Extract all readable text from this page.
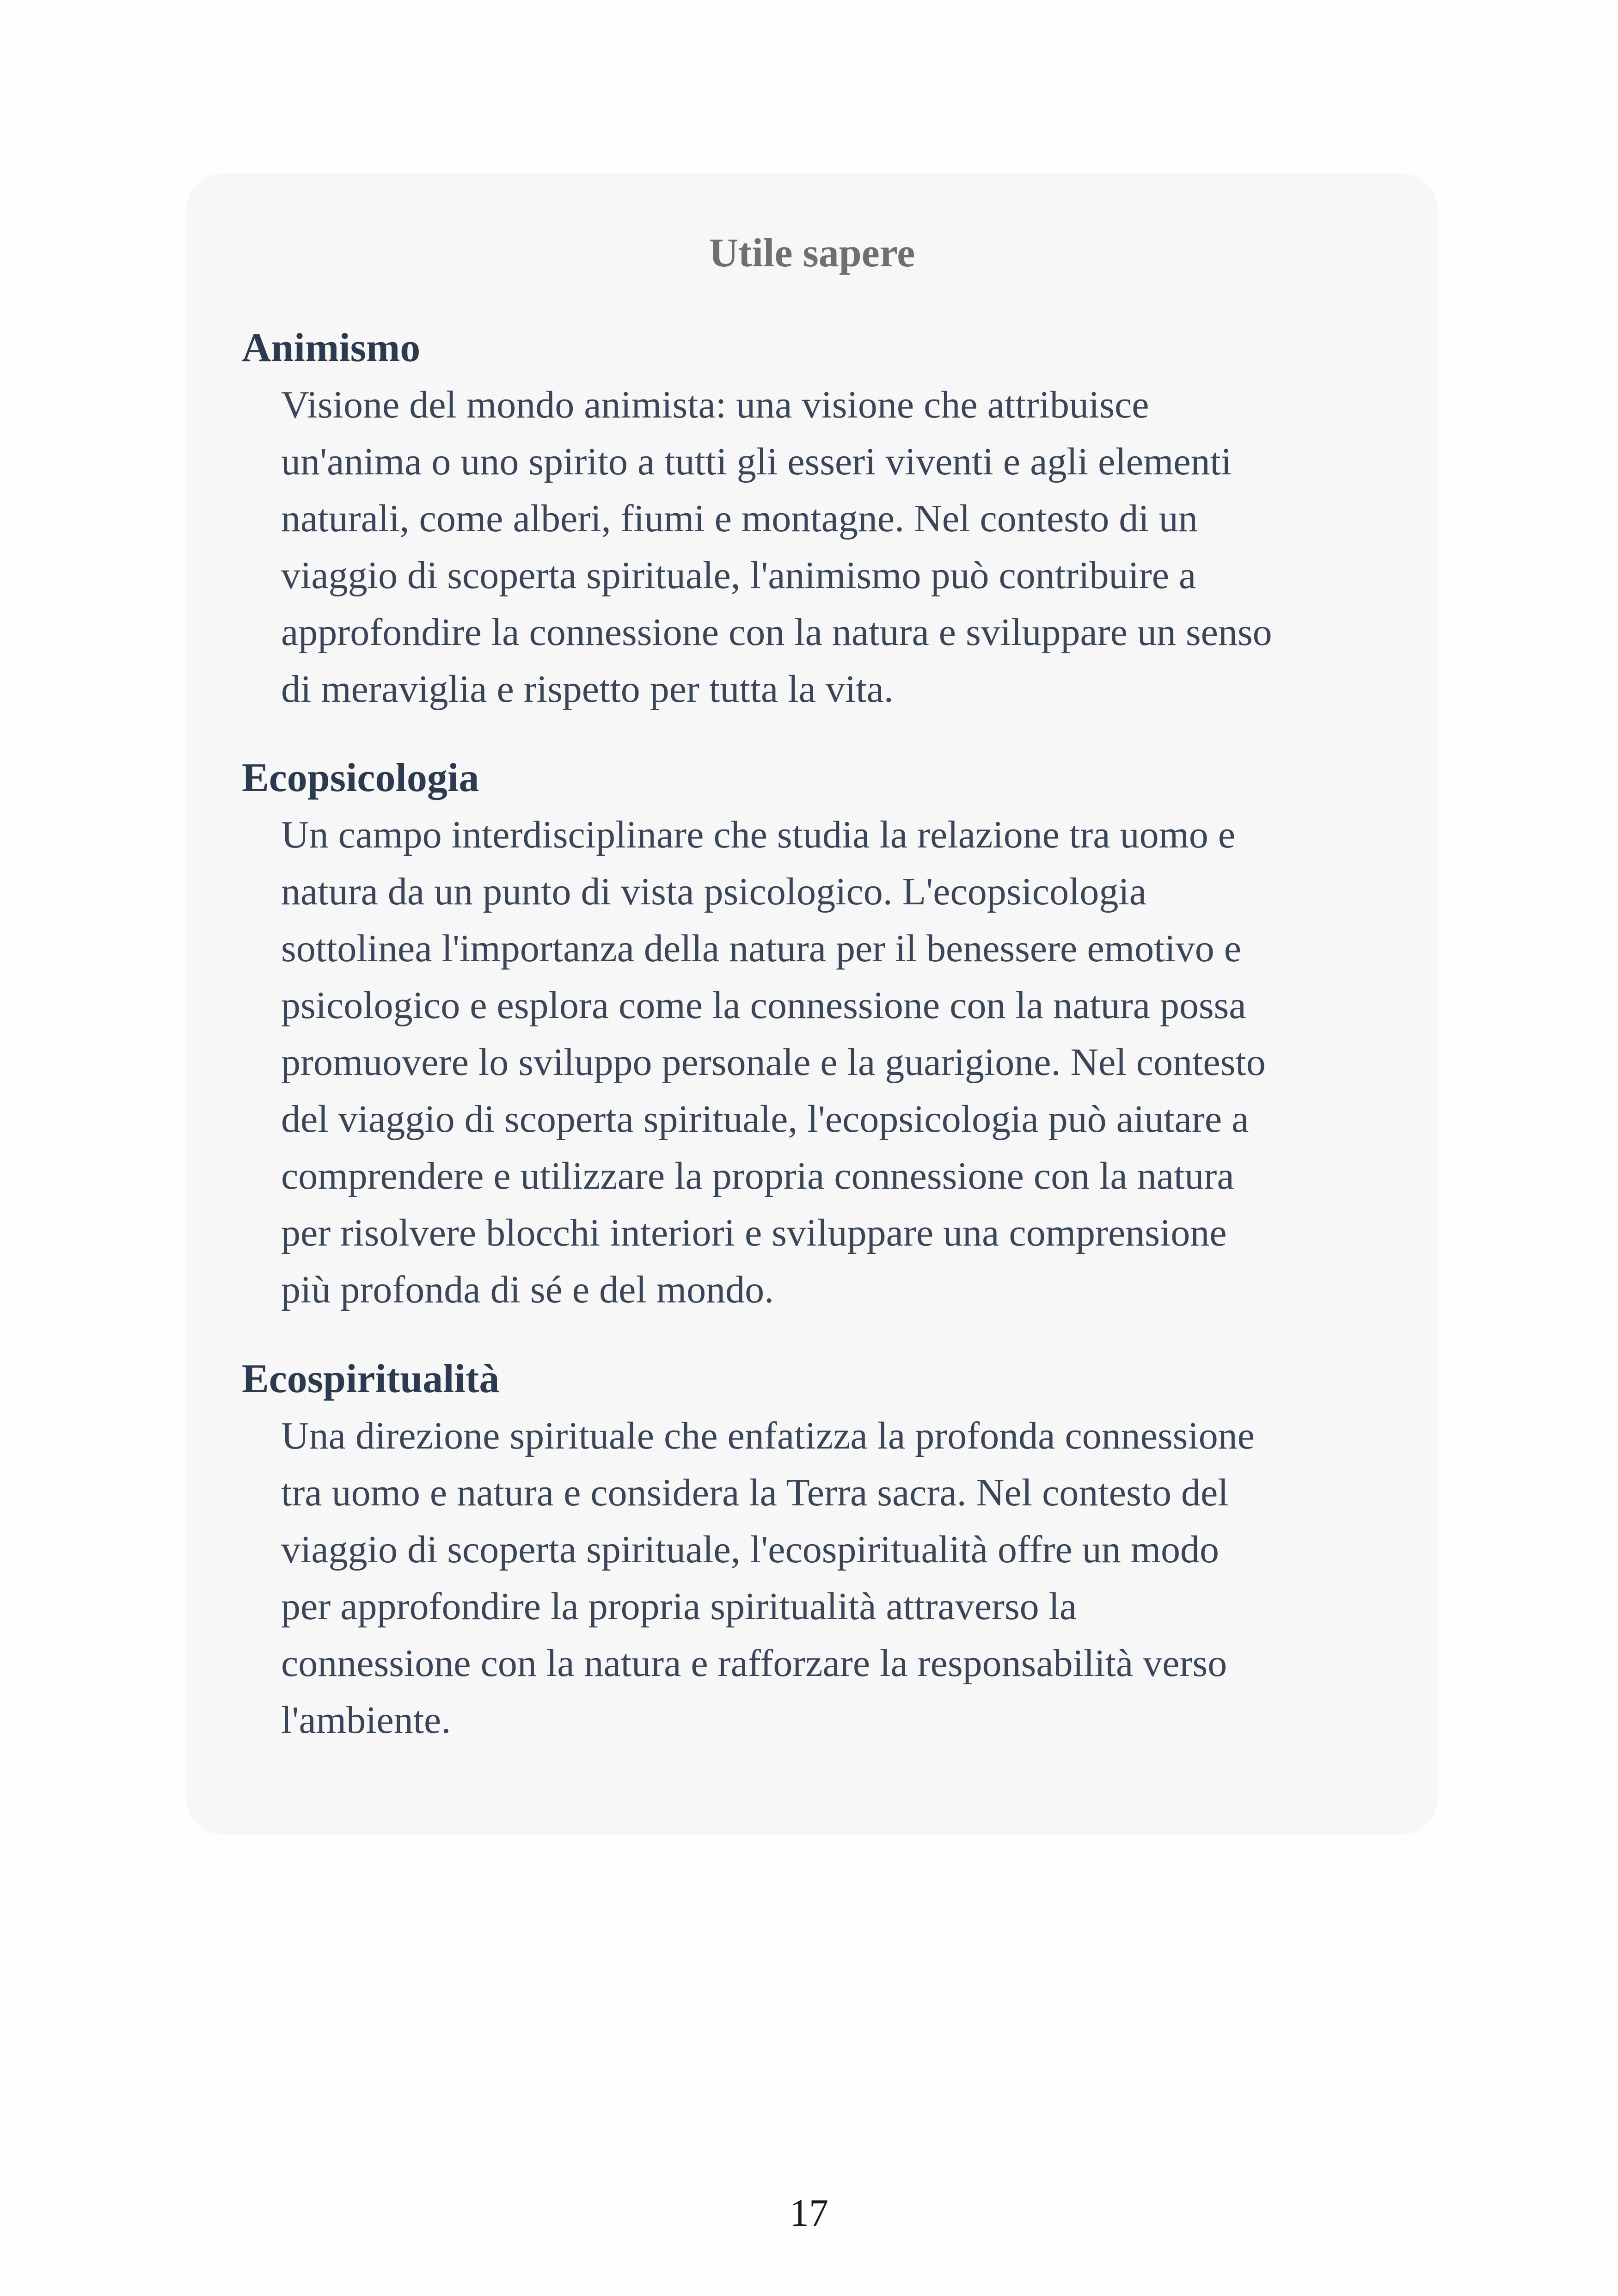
Utile sapere
Animismo

Visione del mondo animista: una visione che attribuisce
un'anima o uno spirito a tutti gli esseri viventi e agli elementi
naturali, come alberi, fiumi e montagne. Nel contesto di un
viaggio di scoperta spirituale, l'animismo può contribuire a
approfondire la connessione con la natura e sviluppare un senso
di meraviglia e rispetto per tutta la vita.

Ecopsicologia

Un campo interdisciplinare che studia la relazione tra uomo e
natura da un punto di vista psicologico. L'ecopsicologia
sottolinea l'importanza della natura per il benessere emotivo e
psicologico e esplora come la connessione con la natura possa
promuovere lo sviluppo personale e la guarigione. Nel contesto
del viaggio di scoperta spirituale, l'ecopsicologia può aiutare a
comprendere e utilizzare la propria connessione con la natura
per risolvere blocchi interiori e sviluppare una comprensione
più profonda di sé e del mondo.

Ecospiritualità

Una direzione spirituale che enfatizza la profonda connessione
tra uomo e natura e considera la Terra sacra. Nel contesto del
viaggio di scoperta spirituale, l'ecospiritualità offre un modo
per approfondire la propria spiritualità attraverso la
connessione con la natura e rafforzare la responsabilità verso
l'ambiente.

17
